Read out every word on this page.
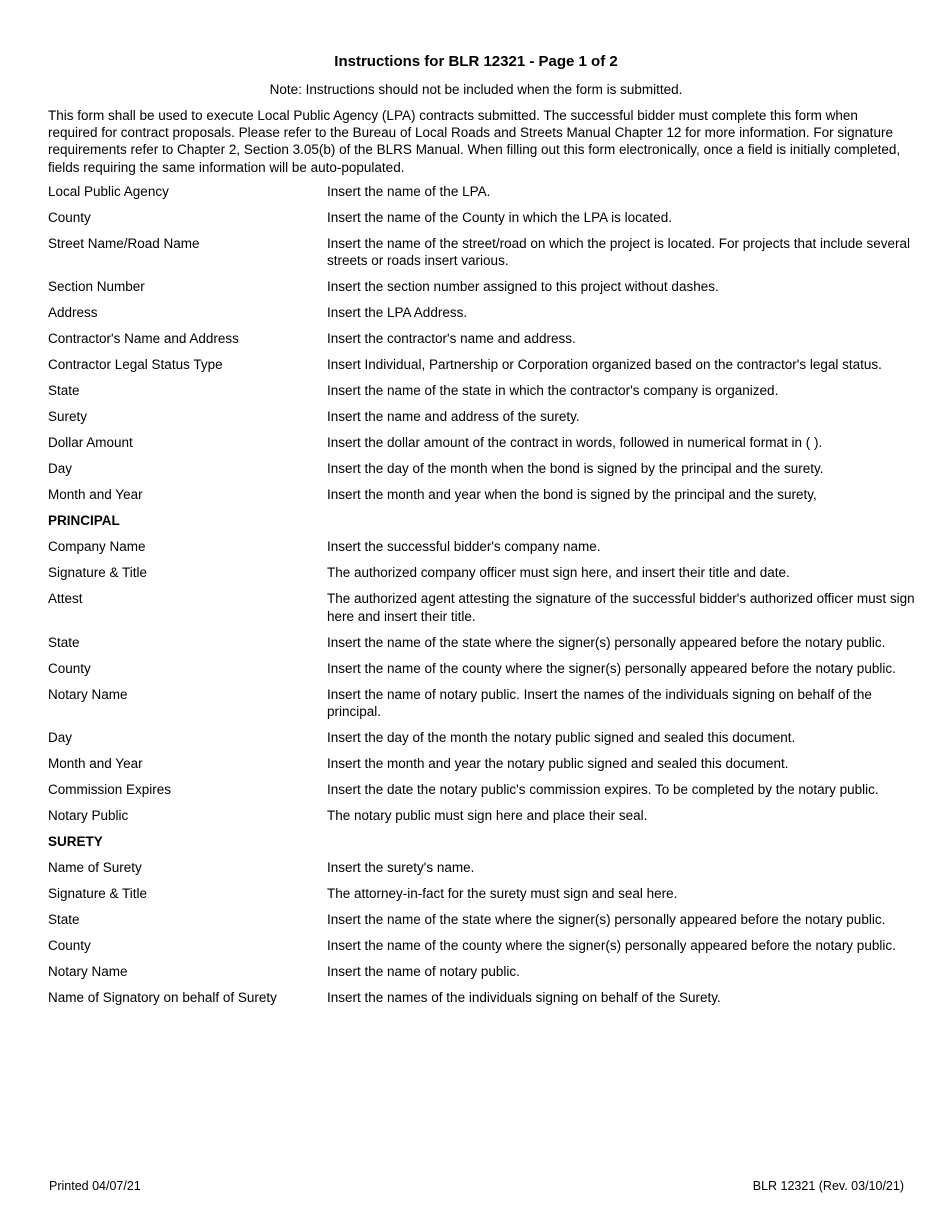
Instructions for BLR 12321 - Page 1 of 2
Note: Instructions should not be included when the form is submitted.
This form shall be used to execute Local Public Agency (LPA) contracts submitted. The successful bidder must complete this form when required for contract proposals. Please refer to the Bureau of Local Roads and Streets Manual Chapter 12 for more information. For signature requirements refer to Chapter 2, Section 3.05(b) of the BLRS Manual. When filling out this form electronically, once a field is initially completed, fields requiring the same information will be auto-populated.
Local Public Agency	Insert the name of the LPA.
County	Insert the name of the County in which the LPA is located.
Street Name/Road Name	Insert the name of the street/road on which the project is located. For projects that include several streets or roads insert various.
Section Number	Insert the section number assigned to this project without dashes.
Address	Insert the LPA Address.
Contractor's Name and Address	Insert the contractor's name and address.
Contractor Legal Status Type	Insert Individual, Partnership or Corporation organized based on the contractor's legal status.
State	Insert the name of the state in which the contractor's company is organized.
Surety	Insert the name and address of the surety.
Dollar Amount	Insert the dollar amount of the contract in words, followed in numerical format in ( ).
Day	Insert the day of the month when the bond is signed by the principal and the surety.
Month and Year	Insert the month and year when the bond is signed by the principal and the surety,
PRINCIPAL
Company Name	Insert the successful bidder's company name.
Signature & Title	The authorized company officer must sign here, and insert their title and date.
Attest	The authorized agent attesting the signature of the successful bidder's authorized officer must sign here and insert their title.
State	Insert the name of the state where the signer(s) personally appeared before the notary public.
County	Insert the name of the county where the signer(s) personally appeared before the notary public.
Notary Name	Insert the name of notary public. Insert the names of the individuals signing on behalf of the principal.
Day	Insert the day of the month the notary public signed and sealed this document.
Month and Year	Insert the month and year the notary public signed and sealed this document.
Commission Expires	Insert the date the notary public's commission expires. To be completed by the notary public.
Notary Public	The notary public must sign here and place their seal.
SURETY
Name of Surety	Insert the surety's name.
Signature & Title	The attorney-in-fact for the surety must sign and seal here.
State	Insert the name of the state where the signer(s) personally appeared before the notary public.
County	Insert the name of the county where the signer(s) personally appeared before the notary public.
Notary Name	Insert the name of notary public.
Name of Signatory on behalf of Surety	Insert the names of the individuals signing on behalf of the Surety.
Printed 04/07/21	BLR 12321 (Rev. 03/10/21)
